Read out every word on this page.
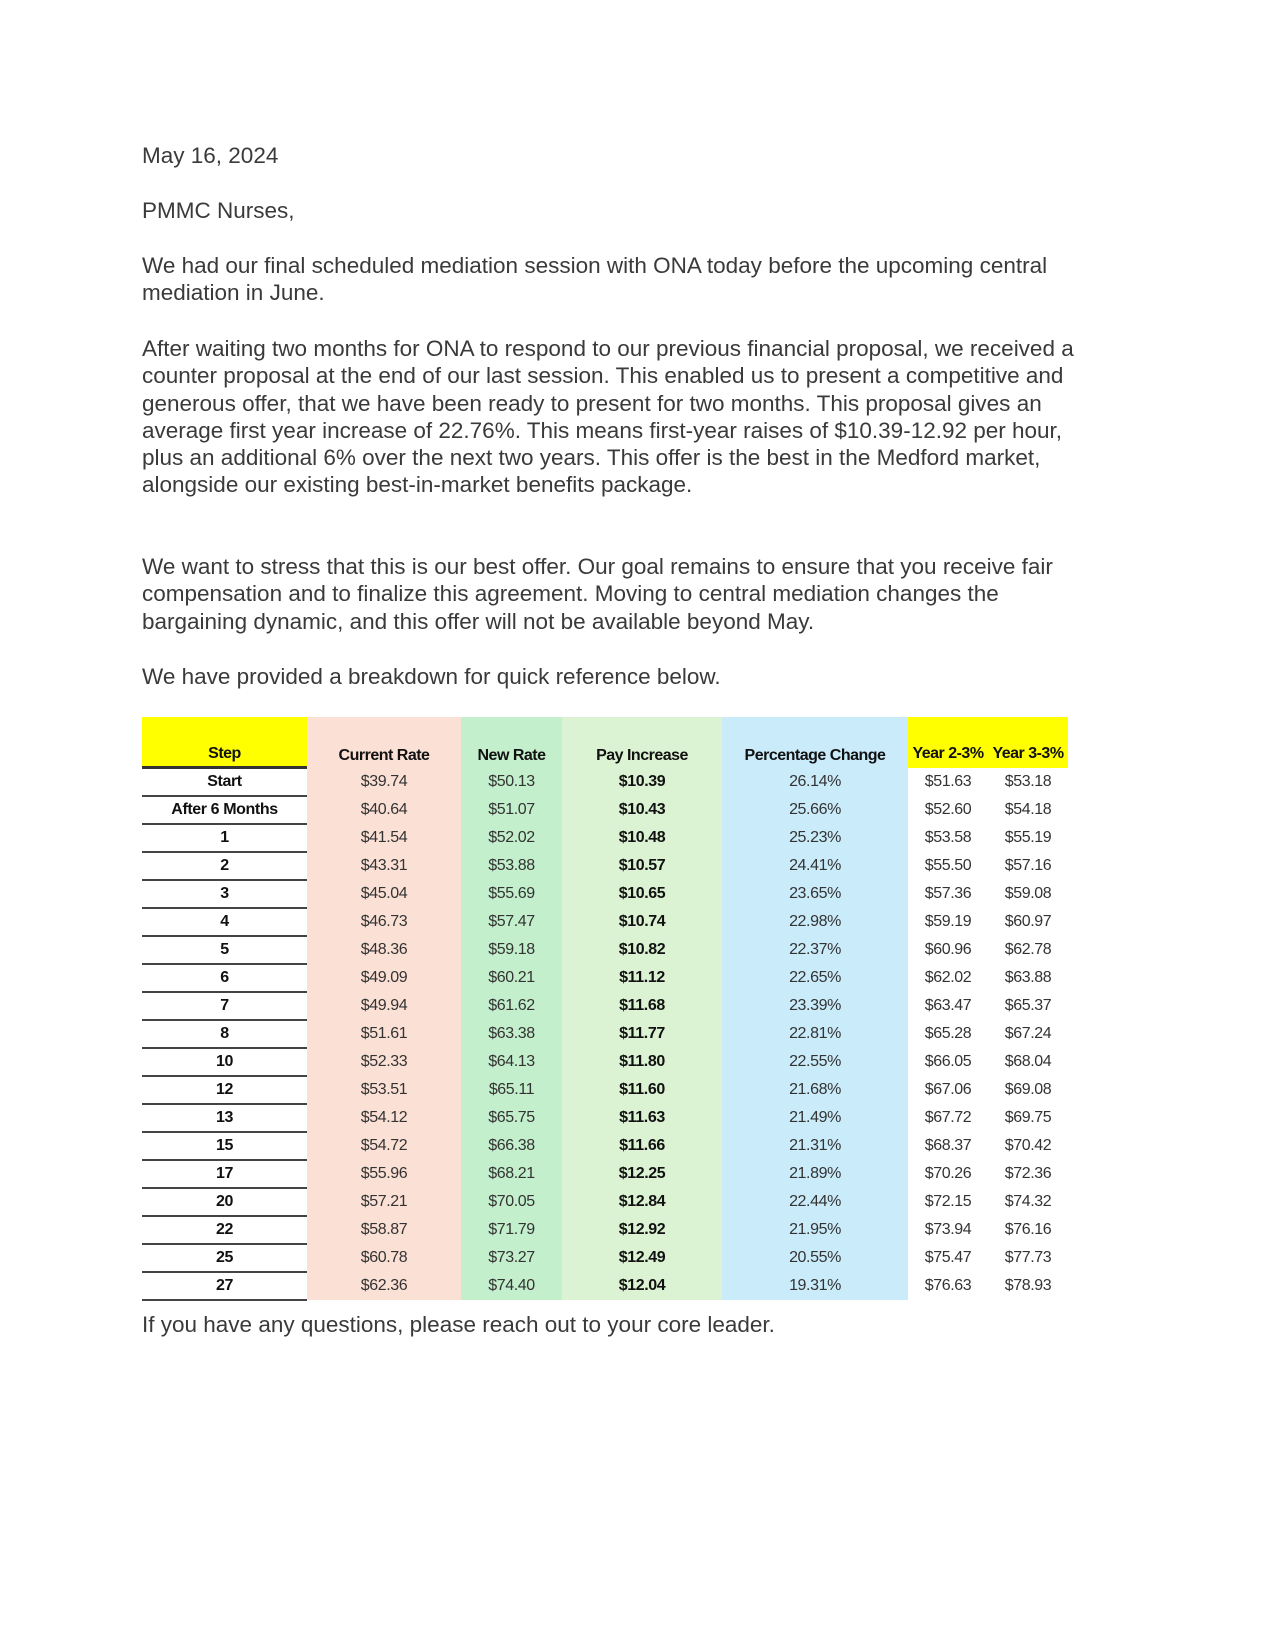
May 16, 2024

PMMC Nurses,

We had our final scheduled mediation session with ONA today before the upcoming central mediation in June.

After waiting two months for ONA to respond to our previous financial proposal, we received a counter proposal at the end of our last session. This enabled us to present a competitive and generous offer, that we have been ready to present for two months. This proposal gives an average first year increase of 22.76%. This means first-year raises of $10.39-12.92 per hour, plus an additional 6% over the next two years. This offer is the best in the Medford market, alongside our existing best-in-market benefits package.

We want to stress that this is our best offer. Our goal remains to ensure that you receive fair compensation and to finalize this agreement. Moving to central mediation changes the bargaining dynamic, and this offer will not be available beyond May.

We have provided a breakdown for quick reference below.

Step	Current Rate	New Rate	Pay Increase	Percentage Change	Year 2-3%	Year 3-3%
Start	$39.74	$50.13	$10.39	26.14%	$51.63	$53.18
After 6 Months	$40.64	$51.07	$10.43	25.66%	$52.60	$54.18
1	$41.54	$52.02	$10.48	25.23%	$53.58	$55.19
2	$43.31	$53.88	$10.57	24.41%	$55.50	$57.16
3	$45.04	$55.69	$10.65	23.65%	$57.36	$59.08
4	$46.73	$57.47	$10.74	22.98%	$59.19	$60.97
5	$48.36	$59.18	$10.82	22.37%	$60.96	$62.78
6	$49.09	$60.21	$11.12	22.65%	$62.02	$63.88
7	$49.94	$61.62	$11.68	23.39%	$63.47	$65.37
8	$51.61	$63.38	$11.77	22.81%	$65.28	$67.24
10	$52.33	$64.13	$11.80	22.55%	$66.05	$68.04
12	$53.51	$65.11	$11.60	21.68%	$67.06	$69.08
13	$54.12	$65.75	$11.63	21.49%	$67.72	$69.75
15	$54.72	$66.38	$11.66	21.31%	$68.37	$70.42
17	$55.96	$68.21	$12.25	21.89%	$70.26	$72.36
20	$57.21	$70.05	$12.84	22.44%	$72.15	$74.32
22	$58.87	$71.79	$12.92	21.95%	$73.94	$76.16
25	$60.78	$73.27	$12.49	20.55%	$75.47	$77.73
27	$62.36	$74.40	$12.04	19.31%	$76.63	$78.93

If you have any questions, please reach out to your core leader.
